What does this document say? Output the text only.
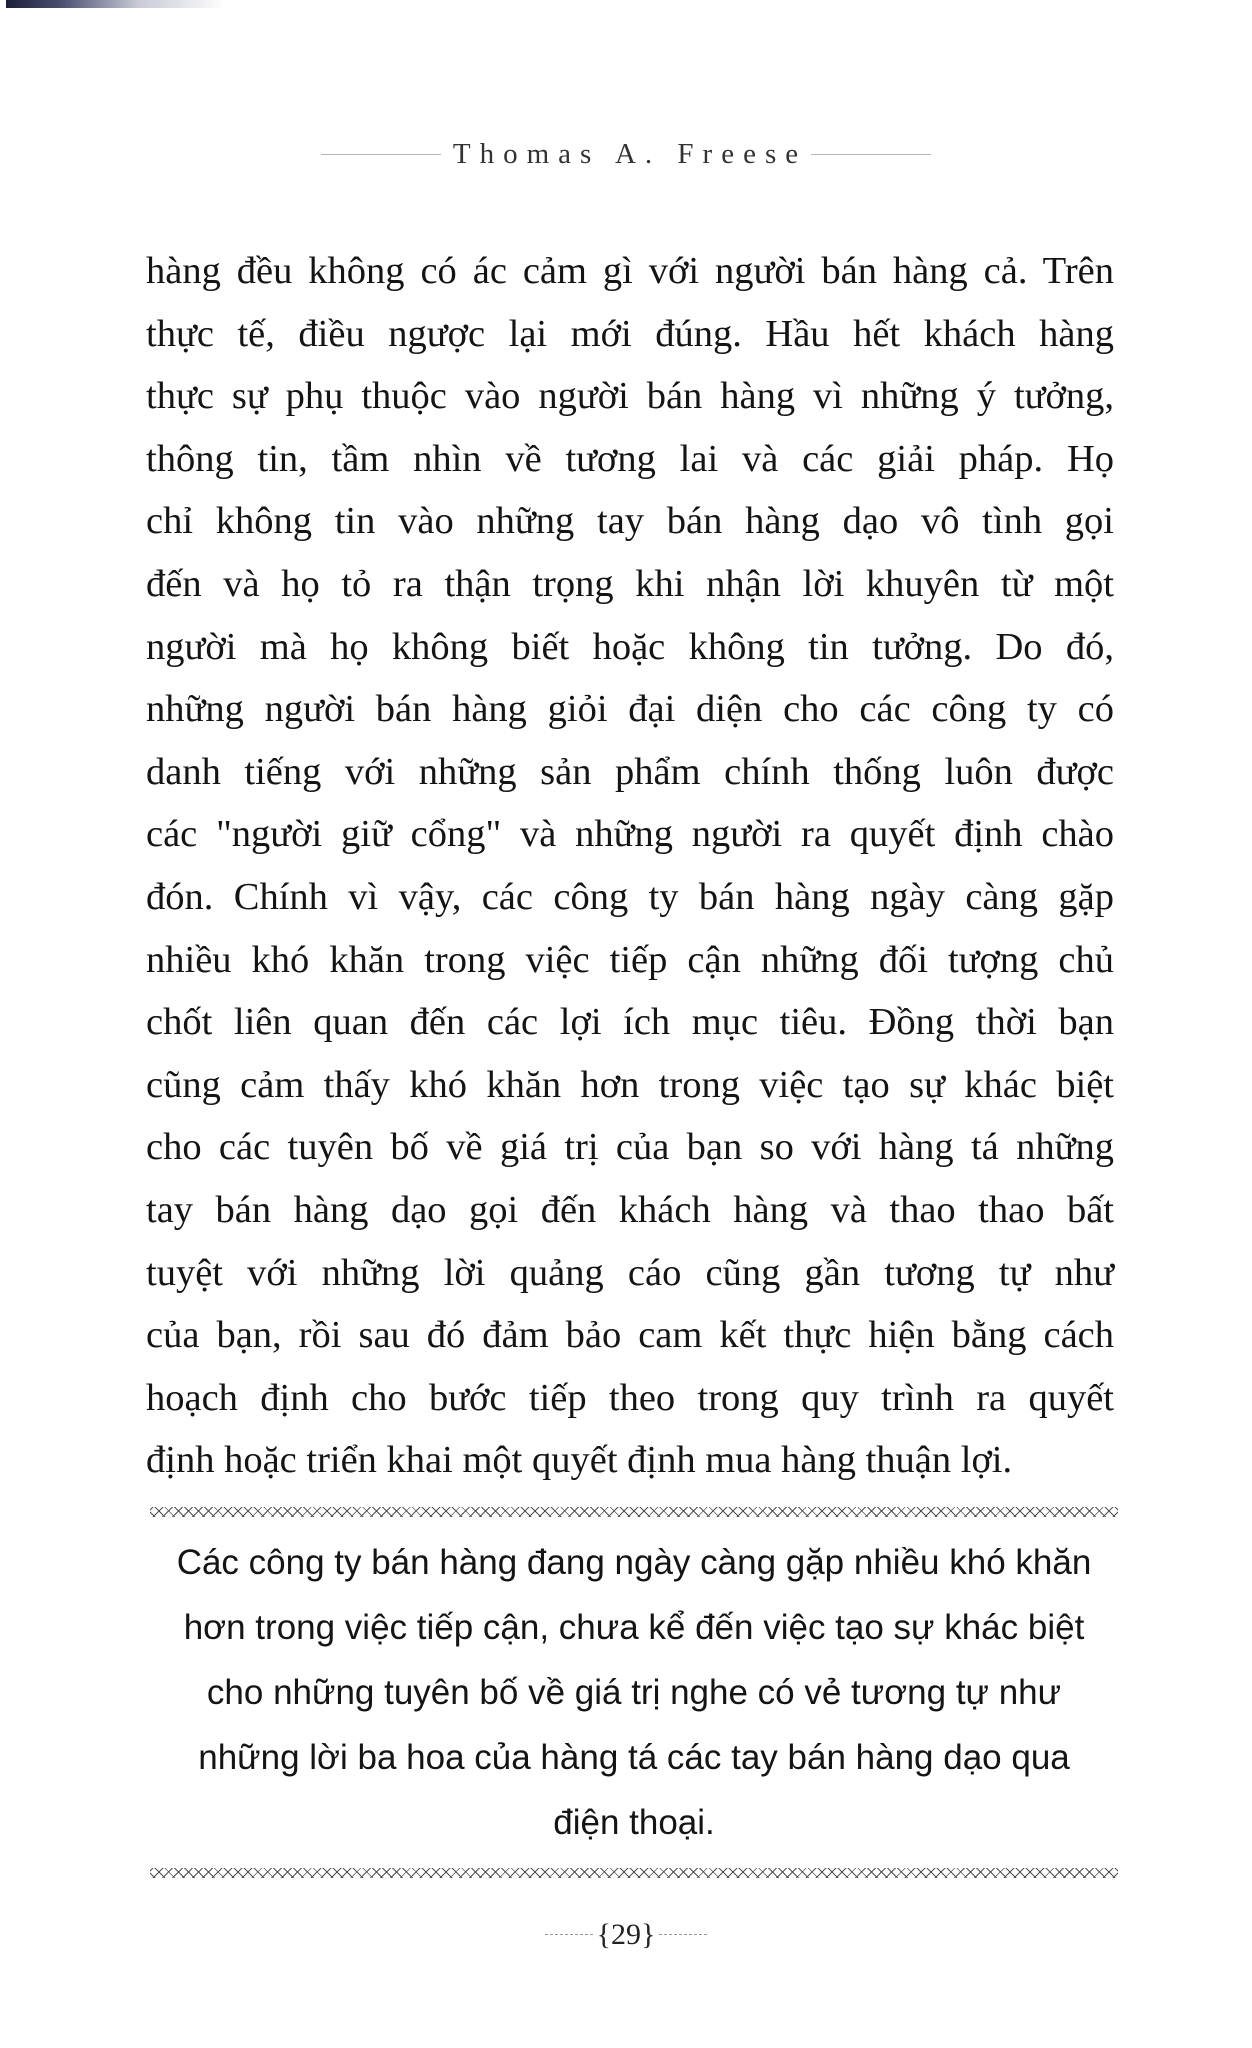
Thomas A. Freese
hàng đều không có ác cảm gì với người bán hàng cả. Trên
thực tế, điều ngược lại mới đúng. Hầu hết khách hàng
thực sự phụ thuộc vào người bán hàng vì những ý tưởng,
thông tin, tầm nhìn về tương lai và các giải pháp. Họ
chỉ không tin vào những tay bán hàng dạo vô tình gọi
đến và họ tỏ ra thận trọng khi nhận lời khuyên từ một
người mà họ không biết hoặc không tin tưởng. Do đó,
những người bán hàng giỏi đại diện cho các công ty có
danh tiếng với những sản phẩm chính thống luôn được
các "người giữ cổng" và những người ra quyết định chào
đón. Chính vì vậy, các công ty bán hàng ngày càng gặp
nhiều khó khăn trong việc tiếp cận những đối tượng chủ
chốt liên quan đến các lợi ích mục tiêu. Đồng thời bạn
cũng cảm thấy khó khăn hơn trong việc tạo sự khác biệt
cho các tuyên bố về giá trị của bạn so với hàng tá những
tay bán hàng dạo gọi đến khách hàng và thao thao bất
tuyệt với những lời quảng cáo cũng gần tương tự như
của bạn, rồi sau đó đảm bảo cam kết thực hiện bằng cách
hoạch định cho bước tiếp theo trong quy trình ra quyết
định hoặc triển khai một quyết định mua hàng thuận lợi.
Các công ty bán hàng đang ngày càng gặp nhiều khó khăn
hơn trong việc tiếp cận, chưa kể đến việc tạo sự khác biệt
cho những tuyên bố về giá trị nghe có vẻ tương tự như
những lời ba hoa của hàng tá các tay bán hàng dạo qua
điện thoại.
{29}
